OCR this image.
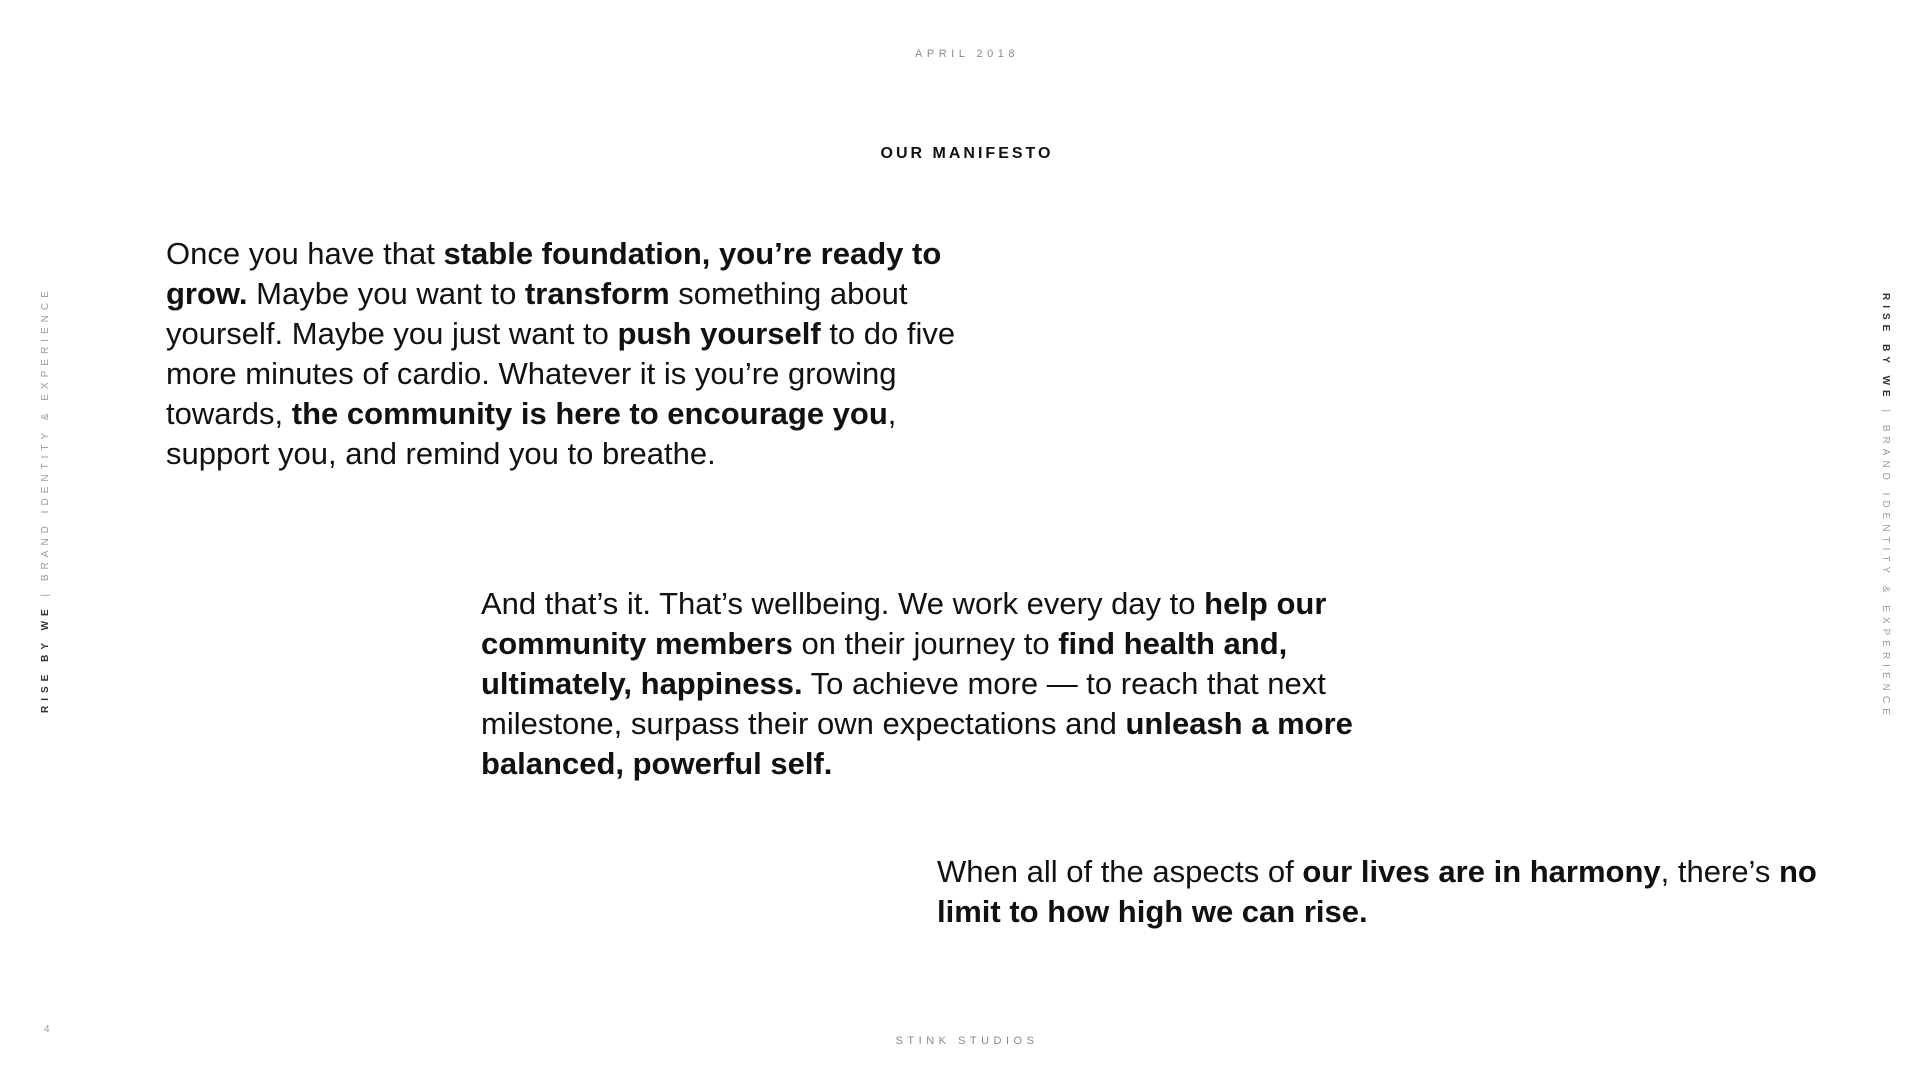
APRIL 2018
OUR MANIFESTO

Once you have that stable foundation, you’re ready to grow. Maybe you want to transform something about yourself. Maybe you just want to push yourself to do five more minutes of cardio. Whatever it is you’re growing towards, the community is here to encourage you, support you, and remind you to breathe.

And that’s it. That’s wellbeing. We work every day to help our community members on their journey to find health and, ultimately, happiness. To achieve more — to reach that next milestone, surpass their own expectations and unleash a more balanced, powerful self.

When all of the aspects of our lives are in harmony, there’s no limit to how high we can rise.

RISE BY WE | BRAND IDENTITY & EXPERIENCE	RISE BY WE | BRAND IDENTITY & EXPERIENCE
4
STINK STUDIOS
